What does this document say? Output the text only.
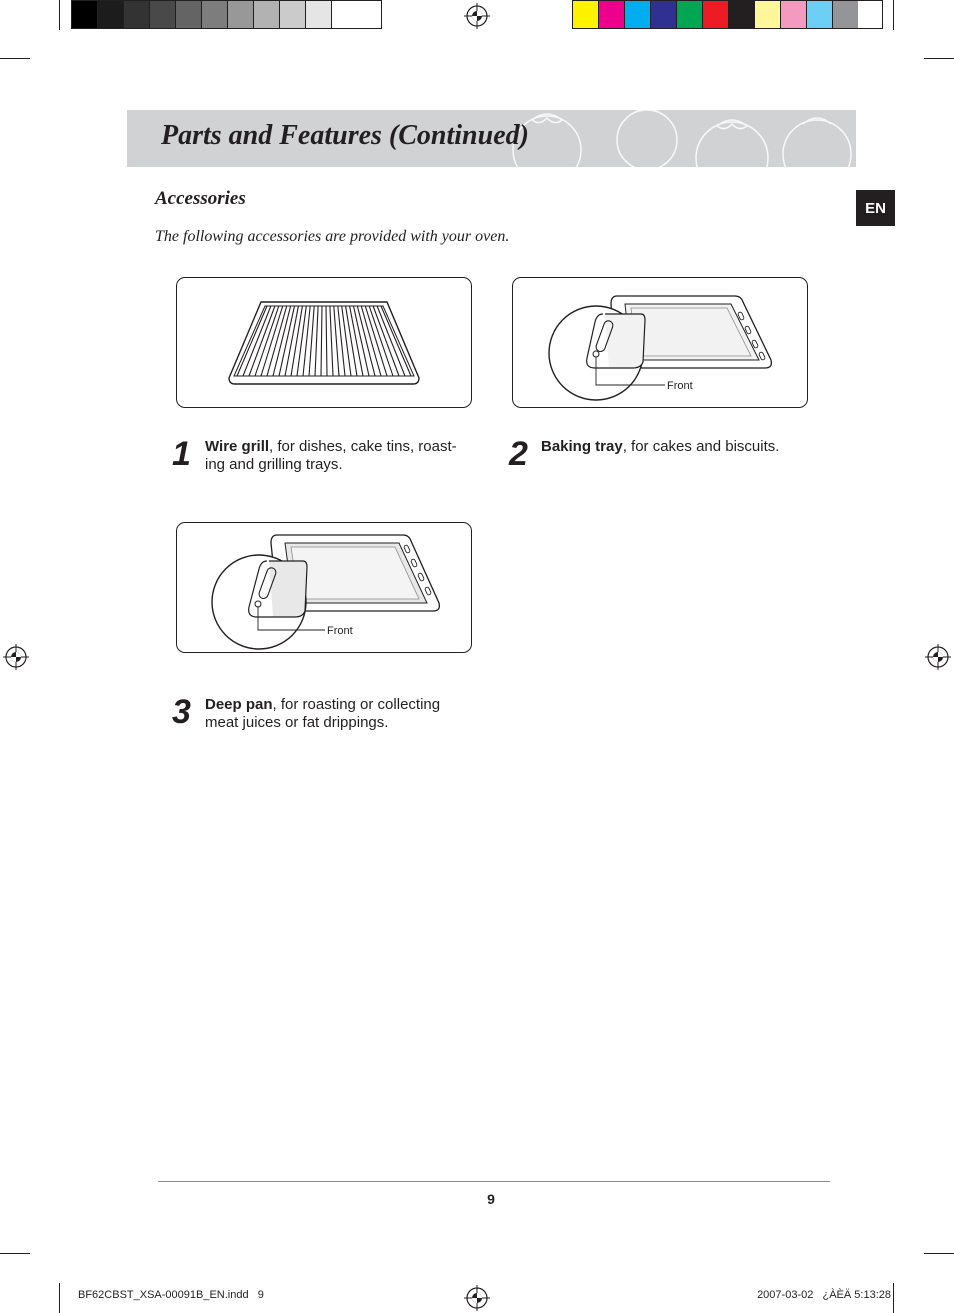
Parts and Features (Continued)
EN
Accessories

The following accessories are provided with your oven.

Front
1 Wire grill, for dishes, cake tins, roast-
ing and grilling trays.	2 Baking tray, for cakes and biscuits.

Front
3 Deep pan, for roasting or collecting
meat juices or fat drippings.

9
BF62CBST_XSA-00091B_EN.indd   9	2007-03-02   ¿ÀÈÄ 5:13:28
